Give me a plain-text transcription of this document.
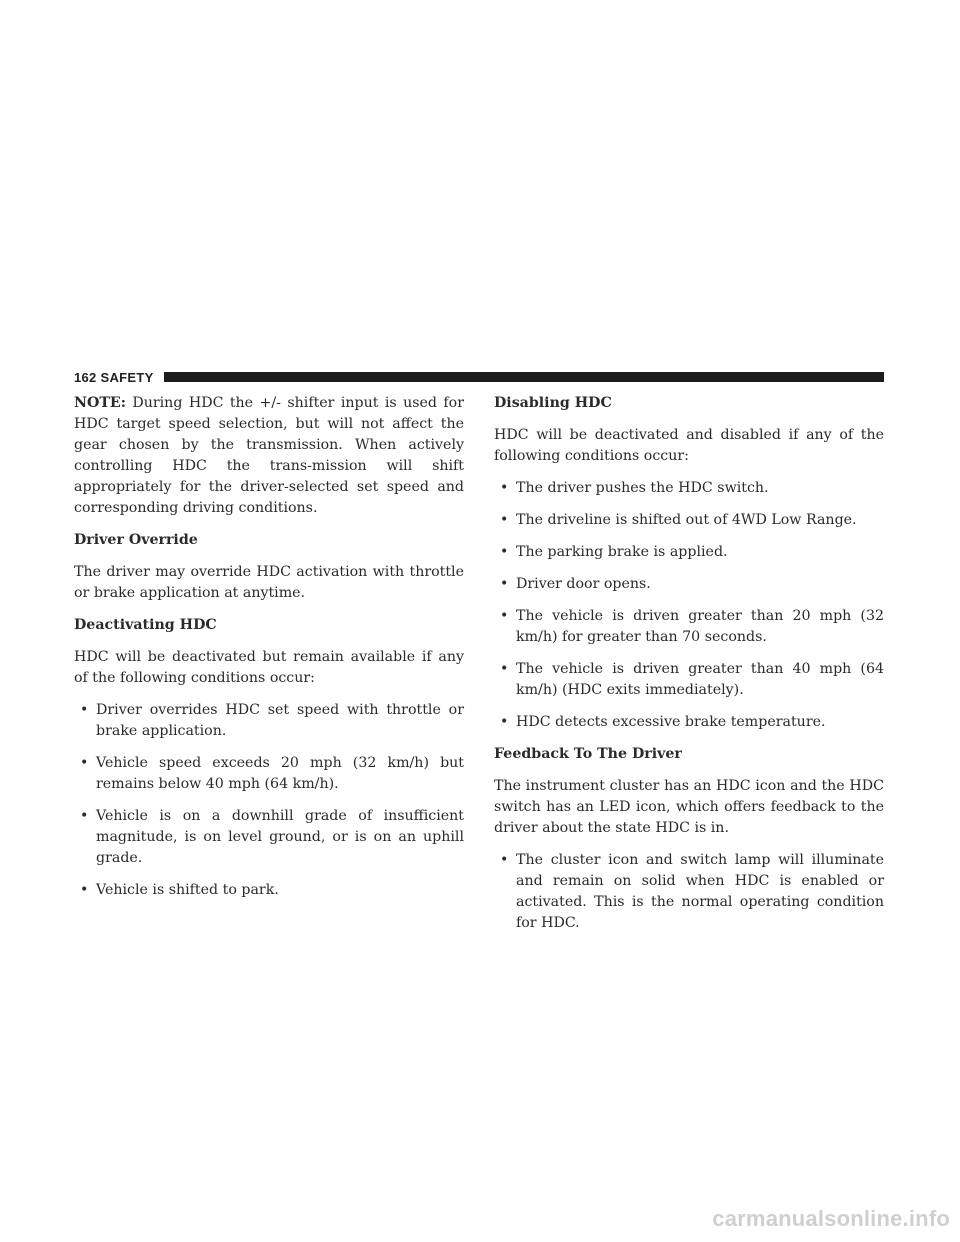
162 SAFETY

NOTE: During HDC the +/- shifter input is used for HDC target speed selection, but will not affect the gear chosen by the transmission. When actively controlling HDC the trans-mission will shift appropriately for the driver-selected set speed and corresponding driving conditions.

Driver Override

The driver may override HDC activation with throttle or brake application at anytime.

Deactivating HDC

HDC will be deactivated but remain available if any of the following conditions occur:

• Driver overrides HDC set speed with throttle or brake application.
• Vehicle speed exceeds 20 mph (32 km/h) but remains below 40 mph (64 km/h).
• Vehicle is on a downhill grade of insufficient magnitude, is on level ground, or is on an uphill grade.
• Vehicle is shifted to park.
Disabling HDC

HDC will be deactivated and disabled if any of the following conditions occur:

• The driver pushes the HDC switch.
• The driveline is shifted out of 4WD Low Range.
• The parking brake is applied.
• Driver door opens.
• The vehicle is driven greater than 20 mph (32 km/h) for greater than 70 seconds.
• The vehicle is driven greater than 40 mph (64 km/h) (HDC exits immediately).
• HDC detects excessive brake temperature.
Feedback To The Driver

The instrument cluster has an HDC icon and the HDC switch has an LED icon, which offers feedback to the driver about the state HDC is in.

• The cluster icon and switch lamp will illuminate and remain on solid when HDC is enabled or activated. This is the normal operating condition for HDC.
carmanualsonline.info
